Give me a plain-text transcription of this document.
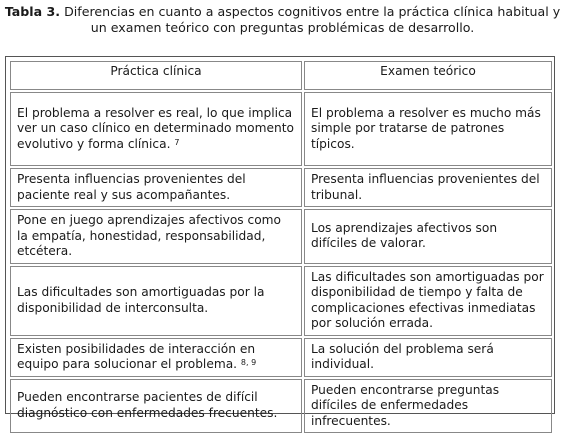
Tabla 3. Diferencias en cuanto a aspectos cognitivos entre la práctica clínica habitual y un examen teórico con preguntas problémicas de desarrollo.
Práctica clínica	Examen teórico
El problema a resolver es real, lo que implica ver un caso clínico en determinado momento evolutivo y forma clínica. $^7$	El problema a resolver es mucho más simple por tratarse de patrones típicos.
Presenta influencias provenientes del paciente real y sus acompañantes.	Presenta influencias provenientes del tribunal.
Pone en juego aprendizajes afectivos como la empatía, honestidad, responsabilidad, etcétera.	Los aprendizajes afectivos son difíciles de valorar.
Las dificultades son amortiguadas por la disponibilidad de interconsulta.	Las dificultades son amortiguadas por disponibilidad de tiempo y falta de complicaciones efectivas inmediatas por solución errada.
Existen posibilidades de interacción en equipo para solucionar el problema. $^{8, 9}$	La solución del problema será individual.
Pueden encontrarse pacientes de difícil diagnóstico con enfermedades frecuentes.	Pueden encontrarse preguntas difíciles de enfermedades infrecuentes.
